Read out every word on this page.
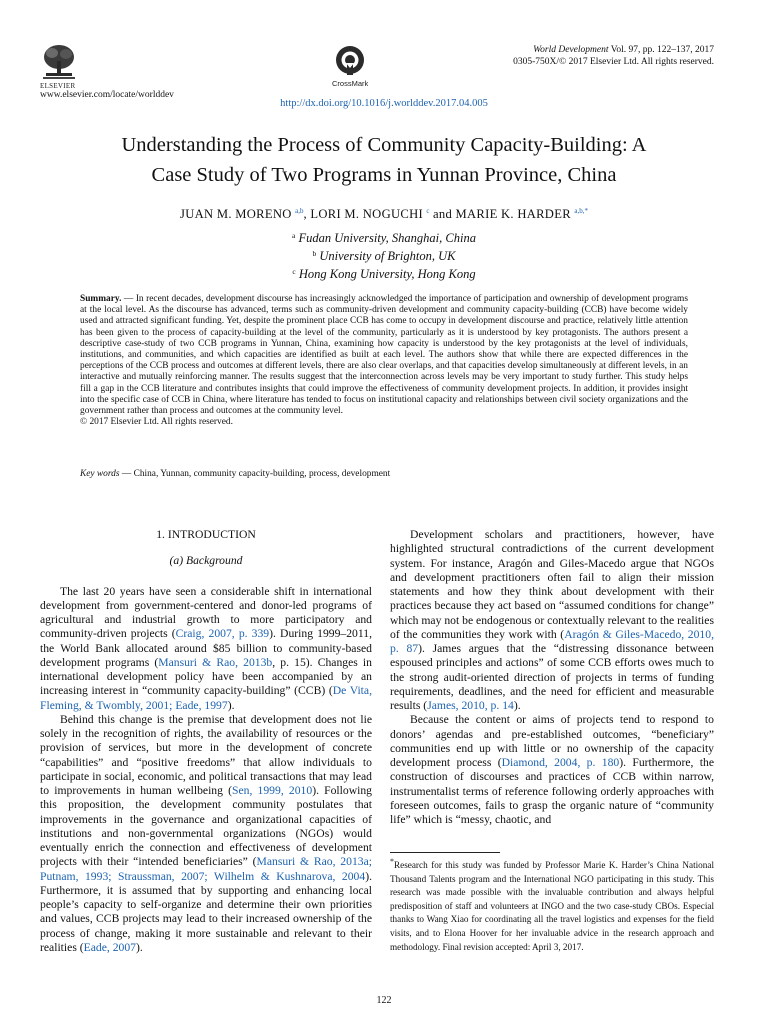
ELSEVIER
www.elsevier.com/locate/worlddev
CrossMark
World Development Vol. 97, pp. 122–137, 2017
0305-750X/© 2017 Elsevier Ltd. All rights reserved.
http://dx.doi.org/10.1016/j.worlddev.2017.04.005
Understanding the Process of Community Capacity-Building: A
Case Study of Two Programs in Yunnan Province, China
JUAN M. MORENO $^{a,b}$, LORI M. NOGUCHI $^c$ and MARIE K. HARDER $^{a,b,*}$
$^a$ Fudan University, Shanghai, China
$^b$ University of Brighton, UK
$^c$ Hong Kong University, Hong Kong
Summary. — In recent decades, development discourse has increasingly acknowledged the importance of participation and ownership of development programs at the local level. As the discourse has advanced, terms such as community-driven development and community capacity-building (CCB) have become widely used and attracted significant funding. Yet, despite the prominent place CCB has come to occupy in development discourse and practice, relatively little attention has been given to the process of capacity-building at the level of the community, particularly as it is understood by key protagonists. The authors present a descriptive case-study of two CCB programs in Yunnan, China, examining how capacity is understood by the key protagonists at the level of individuals, institutions, and communities, and which capacities are identified as built at each level. The authors show that while there are expected differences in the perceptions of the CCB process and outcomes at different levels, there are also clear overlaps, and that capacities develop simultaneously at different levels, in an interactive and mutually reinforcing manner. The results suggest that the interconnection across levels may be very important to study further. This study helps fill a gap in the CCB literature and contributes insights that could improve the effectiveness of community development projects. In addition, it provides insight into the specific case of CCB in China, where literature has tended to focus on institutional capacity and relationships between civil society organizations and the government rather than process and outcomes at the community level.
© 2017 Elsevier Ltd. All rights reserved.
Key words — China, Yunnan, community capacity-building, process, development
1. INTRODUCTION
(a) Background

The last 20 years have seen a considerable shift in international development from government-centered and donor-led programs of agricultural and industrial growth to more participatory and community-driven projects (Craig, 2007, p. 339). During 1999–2011, the World Bank allocated around $85 billion to community-based development programs (Mansuri & Rao, 2013b, p. 15). Changes in international development policy have been accompanied by an increasing interest in “community capacity-building” (CCB) (De Vita, Fleming, & Twombly, 2001; Eade, 1997).

Behind this change is the premise that development does not lie solely in the recognition of rights, the availability of resources or the provision of services, but more in the development of concrete “capabilities” and “positive freedoms” that allow individuals to participate in social, economic, and political transactions that may lead to improvements in human wellbeing (Sen, 1999, 2010). Following this proposition, the development community postulates that improvements in the governance and organizational capacities of institutions and non-governmental organizations (NGOs) would eventually enrich the connection and effectiveness of development projects with their “intended beneficiaries” (Mansuri & Rao, 2013a; Putnam, 1993; Straussman, 2007; Wilhelm & Kushnarova, 2004). Furthermore, it is assumed that by supporting and enhancing local people’s capacity to self-organize and determine their own priorities and values, CCB projects may lead to their increased ownership of the process of change, making it more sustainable and relevant to their realities (Eade, 2007).

Development scholars and practitioners, however, have highlighted structural contradictions of the current development system. For instance, Aragón and Giles-Macedo argue that NGOs and development practitioners often fail to align their mission statements and how they think about development with their practices because they act based on “assumed conditions for change” which may not be endogenous or contextually relevant to the realities of the communities they work with (Aragón & Giles-Macedo, 2010, p. 87). James argues that the “distressing dissonance between espoused principles and actions” of some CCB efforts owes much to the strong audit-oriented direction of projects in terms of funding requirements, deadlines, and the need for efficient and measurable results (James, 2010, p. 14).

Because the content or aims of projects tend to respond to donors’ agendas and pre-established outcomes, “beneficiary” communities end up with little or no ownership of the capacity development process (Diamond, 2004, p. 180). Furthermore, the construction of discourses and practices of CCB within narrow, instrumentalist terms of reference following orderly approaches with foreseen outcomes, fails to grasp the organic nature of “community life” which is “messy, chaotic, and

*Research for this study was funded by Professor Marie K. Harder’s China National Thousand Talents program and the International NGO participating in this study. This research was made possible with the invaluable contribution and always helpful predisposition of staff and volunteers at INGO and the two case-study CBOs. Especial thanks to Wang Xiao for coordinating all the travel logistics and expenses for the field visits, and to Elona Hoover for her invaluable advice in the research approach and methodology. Final revision accepted: April 3, 2017.
122
